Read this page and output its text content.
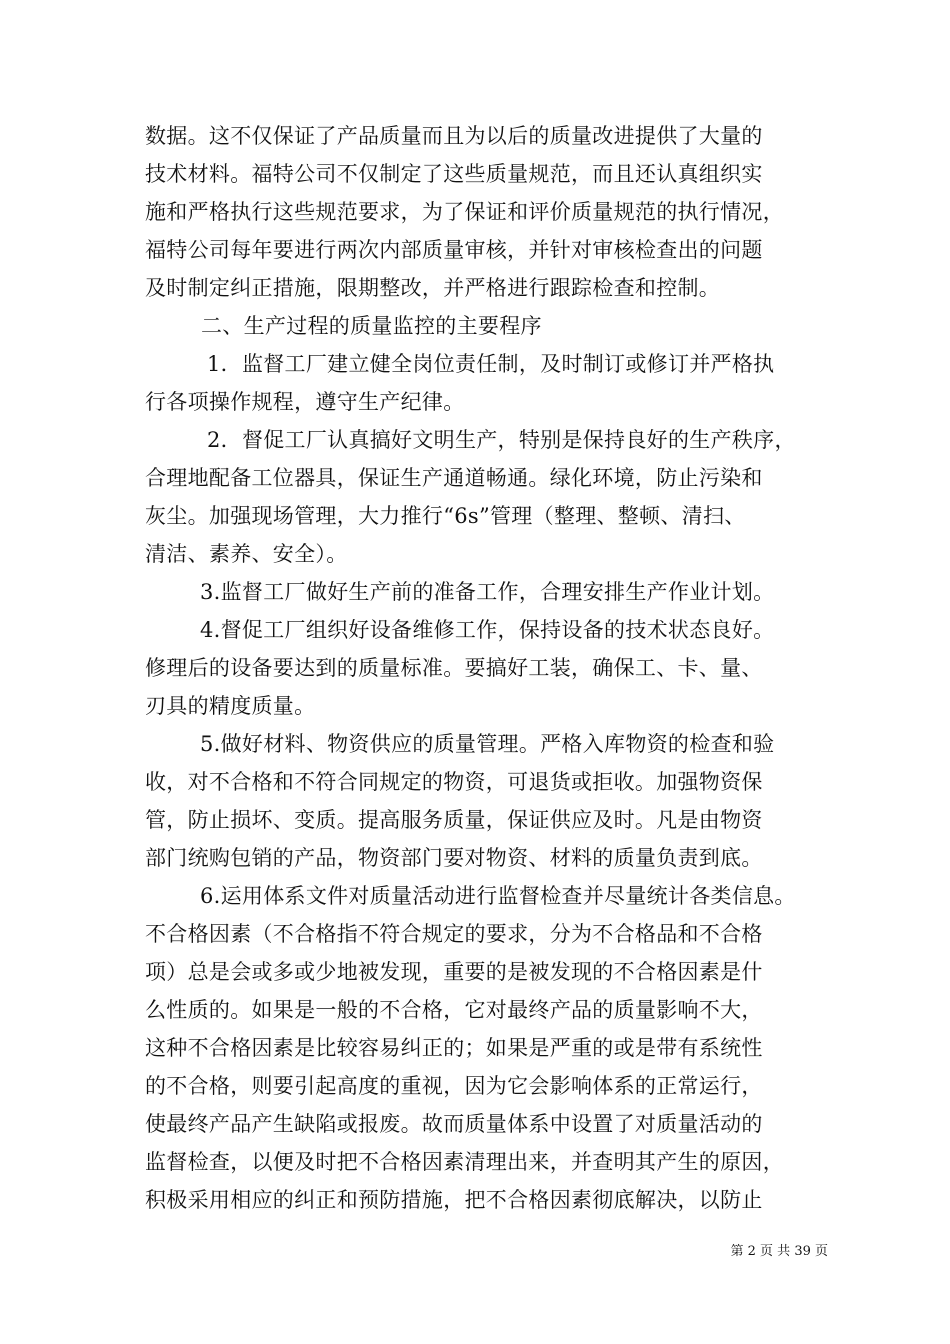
数据。这不仅保证了产品质量而且为以后的质量改进提供了大量的
技术材料。福特公司不仅制定了这些质量规范，而且还认真组织实
施和严格执行这些规范要求，为了保证和评价质量规范的执行情况，
福特公司每年要进行两次内部质量审核，并针对审核检查出的问题
及时制定纠正措施，限期整改，并严格进行跟踪检查和控制。
二、生产过程的质量监控的主要程序
1．监督工厂建立健全岗位责任制，及时制订或修订并严格执
行各项操作规程，遵守生产纪律。
2．督促工厂认真搞好文明生产，特别是保持良好的生产秩序，
合理地配备工位器具，保证生产通道畅通。绿化环境，防止污染和
灰尘。加强现场管理，大力推行“6s”管理（整理、整顿、清扫、
清洁、素养、安全）。
3.监督工厂做好生产前的准备工作，合理安排生产作业计划。
4.督促工厂组织好设备维修工作，保持设备的技术状态良好。
修理后的设备要达到的质量标准。要搞好工装，确保工、卡、量、
刃具的精度质量。
5.做好材料、物资供应的质量管理。严格入库物资的检查和验
收，对不合格和不符合同规定的物资，可退货或拒收。加强物资保
管，防止损坏、变质。提高服务质量，保证供应及时。凡是由物资
部门统购包销的产品，物资部门要对物资、材料的质量负责到底。
6.运用体系文件对质量活动进行监督检查并尽量统计各类信息。
不合格因素（不合格指不符合规定的要求，分为不合格品和不合格
项）总是会或多或少地被发现，重要的是被发现的不合格因素是什
么性质的。如果是一般的不合格，它对最终产品的质量影响不大，
这种不合格因素是比较容易纠正的；如果是严重的或是带有系统性
的不合格，则要引起高度的重视，因为它会影响体系的正常运行，
使最终产品产生缺陷或报废。故而质量体系中设置了对质量活动的
监督检查，以便及时把不合格因素清理出来，并查明其产生的原因，
积极采用相应的纠正和预防措施，把不合格因素彻底解决，以防止
第 2 页 共 39 页
